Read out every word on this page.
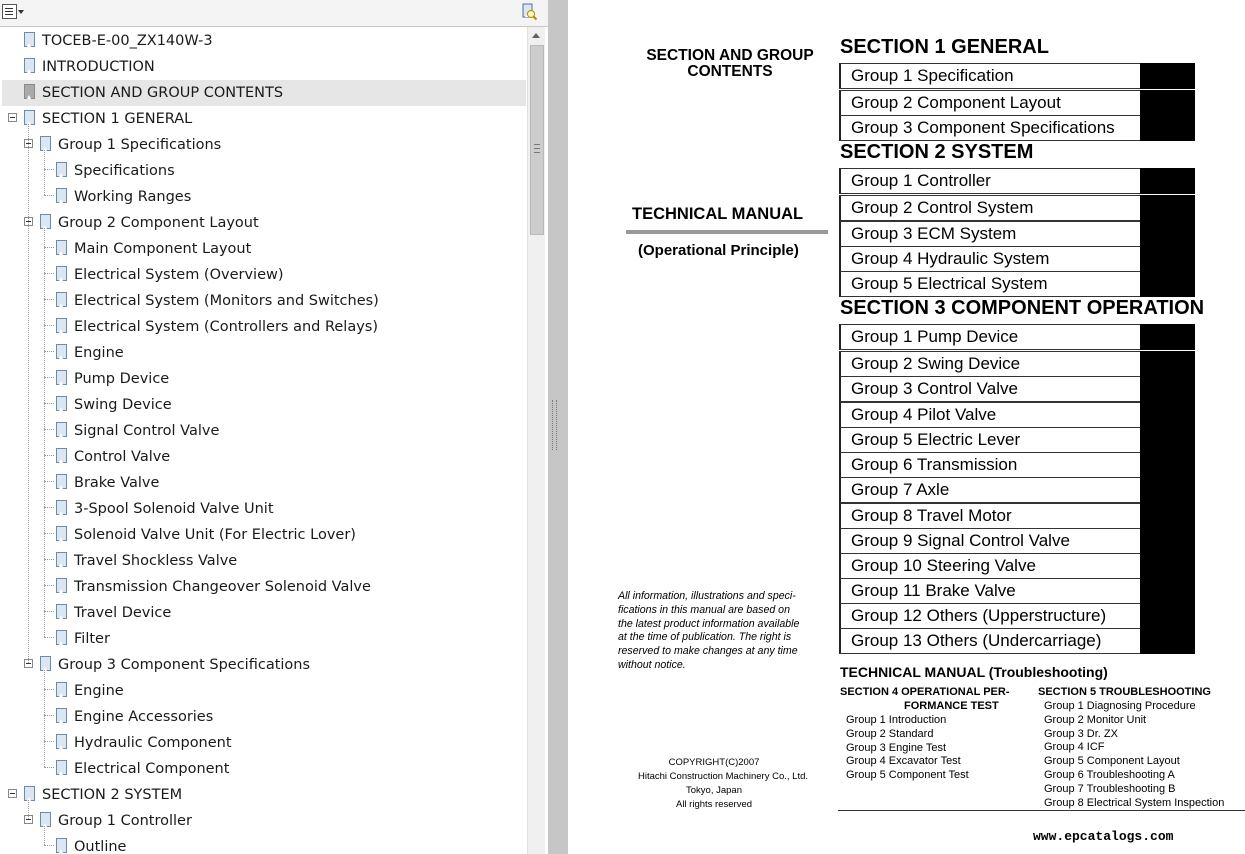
TOCEB-E-00_ZX140W-3
INTRODUCTION
SECTION AND GROUP CONTENTS
SECTION 1 GENERAL
Group 1 Specifications
Specifications
Working Ranges
Group 2 Component Layout
Main Component Layout
Electrical System (Overview)
Electrical System (Monitors and Switches)
Electrical System (Controllers and Relays)
Engine
Pump Device
Swing Device
Signal Control Valve
Control Valve
Brake Valve
3-Spool Solenoid Valve Unit
Solenoid Valve Unit (For Electric Lover)
Travel Shockless Valve
Transmission Changeover Solenoid Valve
Travel Device
Filter
Group 3 Component Specifications
Engine
Engine Accessories
Hydraulic Component
Electrical Component
SECTION 2 SYSTEM
Group 1 Controller
Outline
SECTION AND GROUP
CONTENTS
TECHNICAL MANUAL
(Operational Principle)
All information, illustrations and speci-
fications in this manual are based on
the latest product information available
at the time of publication. The right is
reserved to make changes at any time
without notice.
COPYRIGHT(C)2007
Hitachi Construction Machinery Co., Ltd.
Tokyo, Japan
All rights reserved
SECTION 1 GENERAL
Group 1 Specification
Group 2 Component Layout
Group 3 Component Specifications
SECTION 2 SYSTEM
Group 1 Controller
Group 2 Control System
Group 3 ECM System
Group 4 Hydraulic System
Group 5 Electrical System
SECTION 3 COMPONENT OPERATION
Group 1 Pump Device
Group 2 Swing Device
Group 3 Control Valve
Group 4 Pilot Valve
Group 5 Electric Lever
Group 6 Transmission
Group 7 Axle
Group 8 Travel Motor
Group 9 Signal Control Valve
Group 10 Steering Valve
Group 11 Brake Valve
Group 12 Others (Upperstructure)
Group 13 Others (Undercarriage)
TECHNICAL MANUAL (Troubleshooting)
SECTION 4 OPERATIONAL PER-
FORMANCE TEST
Group 1 Introduction
Group 2 Standard
Group 3 Engine Test
Group 4 Excavator Test
Group 5 Component Test
SECTION 5 TROUBLESHOOTING
Group 1 Diagnosing Procedure
Group 2 Monitor Unit
Group 3 Dr. ZX
Group 4 ICF
Group 5 Component Layout
Group 6 Troubleshooting A
Group 7 Troubleshooting B
Group 8 Electrical System Inspection
www.epcatalogs.com
